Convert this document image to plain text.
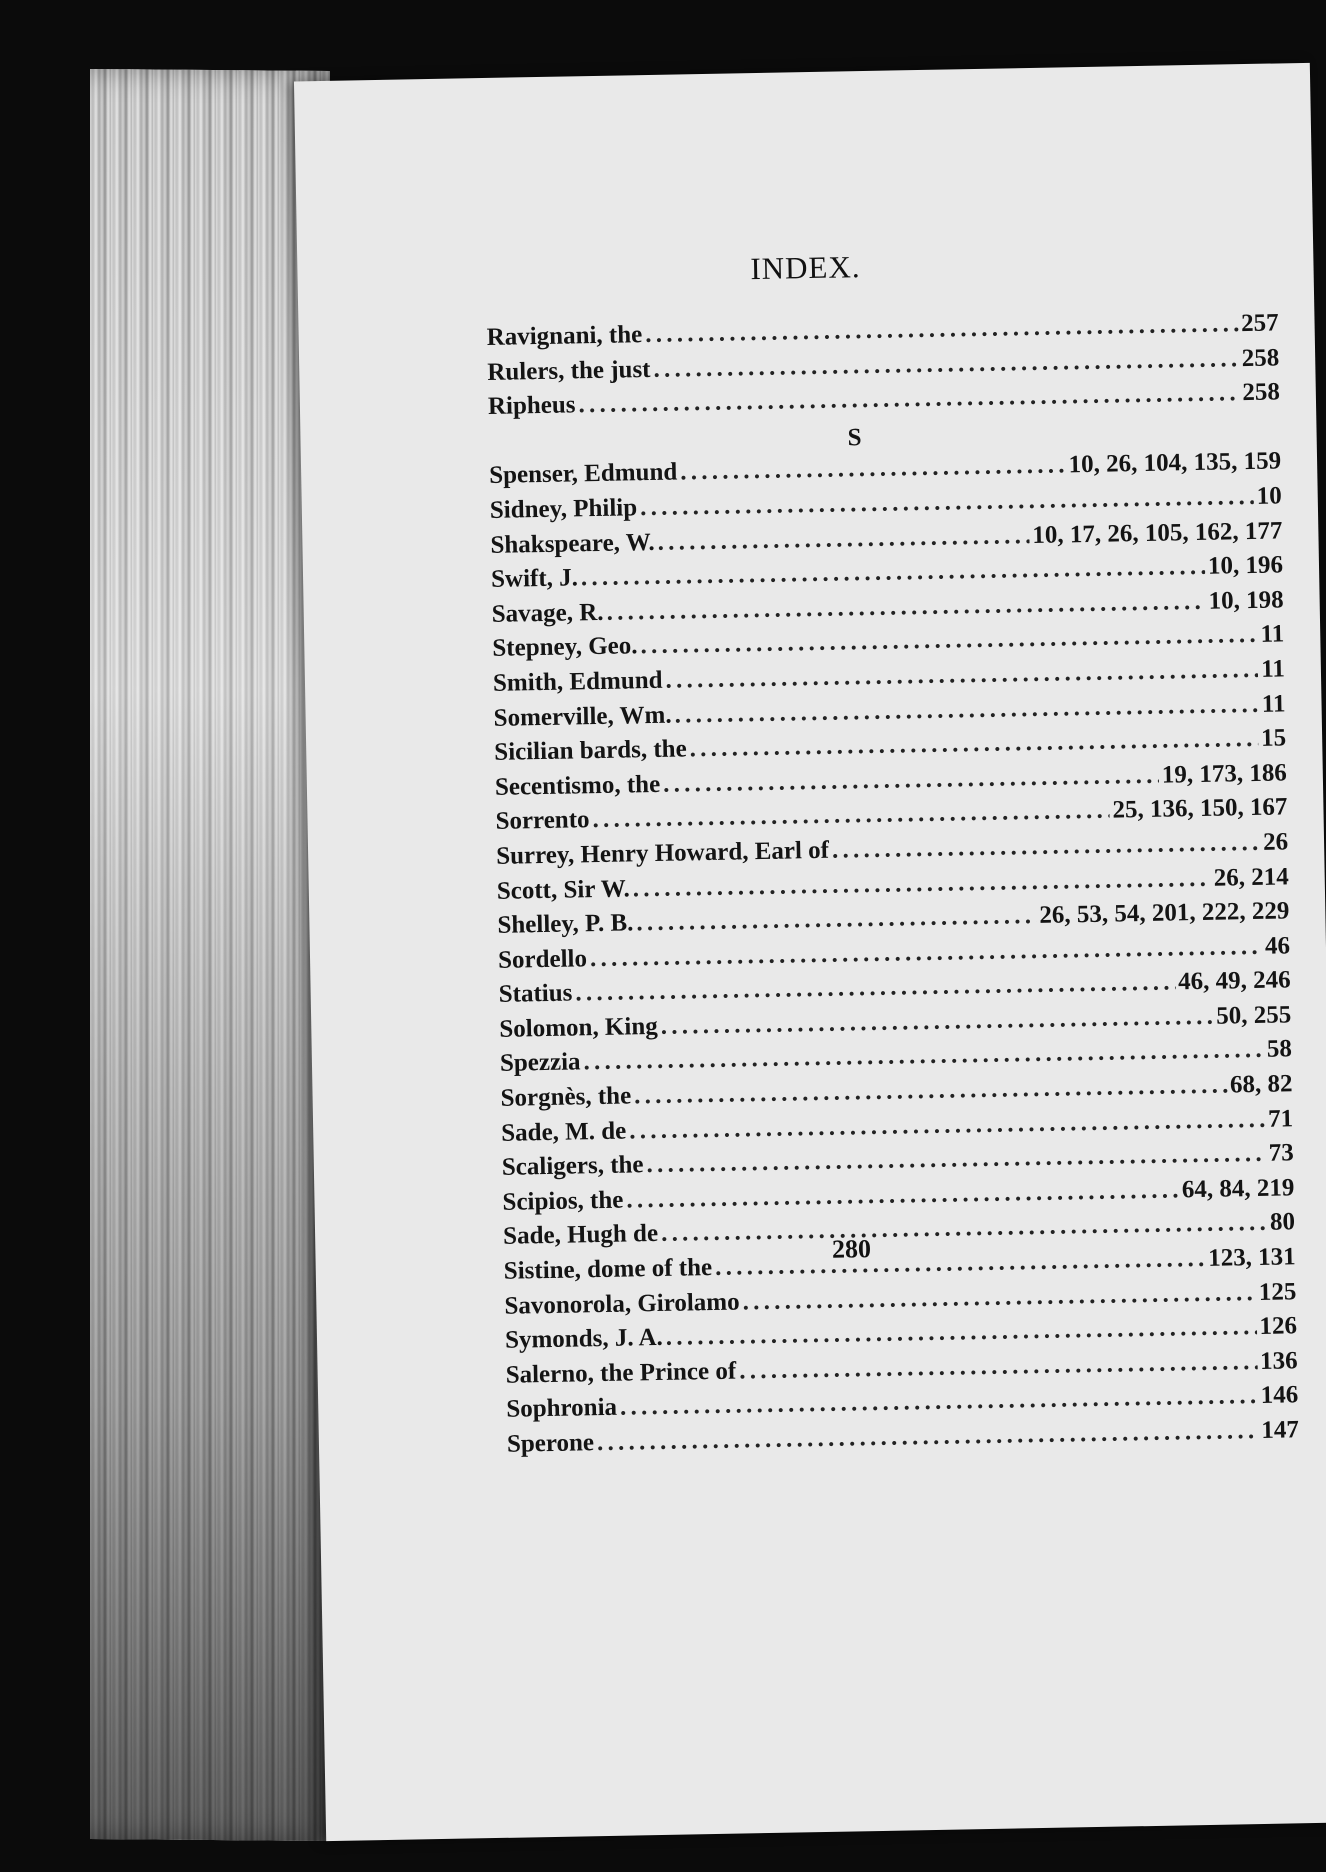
INDEX.
Ravignani, the . . .	257
Rulers, the just . . .	258
Ripheus . . .	258
S
Spenser, Edmund . . .	10, 26, 104, 135, 159
Sidney, Philip . . .	10
Shakspeare, W. . . .	10, 17, 26, 105, 162, 177
Swift, J. . . .	10, 196
Savage, R. . . .	10, 198
Stepney, Geo. . . .	11
Smith, Edmund . . .	11
Somerville, Wm. . . .	11
Sicilian bards, the . . .	15
Secentismo, the . . .	19, 173, 186
Sorrento . . .	25, 136, 150, 167
Surrey, Henry Howard, Earl of . . .	26
Scott, Sir W. . . .	26, 214
Shelley, P. B. . . .	26, 53, 54, 201, 222, 229
Sordello . . .	46
Statius . . .	46, 49, 246
Solomon, King . . .	50, 255
Spezzia . . .	58
Sorgnès, the . . .	68, 82
Sade, M. de . . .	71
Scaligers, the . . .	73
Scipios, the . . .	64, 84, 219
Sade, Hugh de . . .	80
Sistine, dome of the . . .	123, 131
Savonorola, Girolamo . . .	125
Symonds, J. A. . . .	126
Salerno, the Prince of . . .	136
Sophronia . . .	146
Sperone . . .	147
280
